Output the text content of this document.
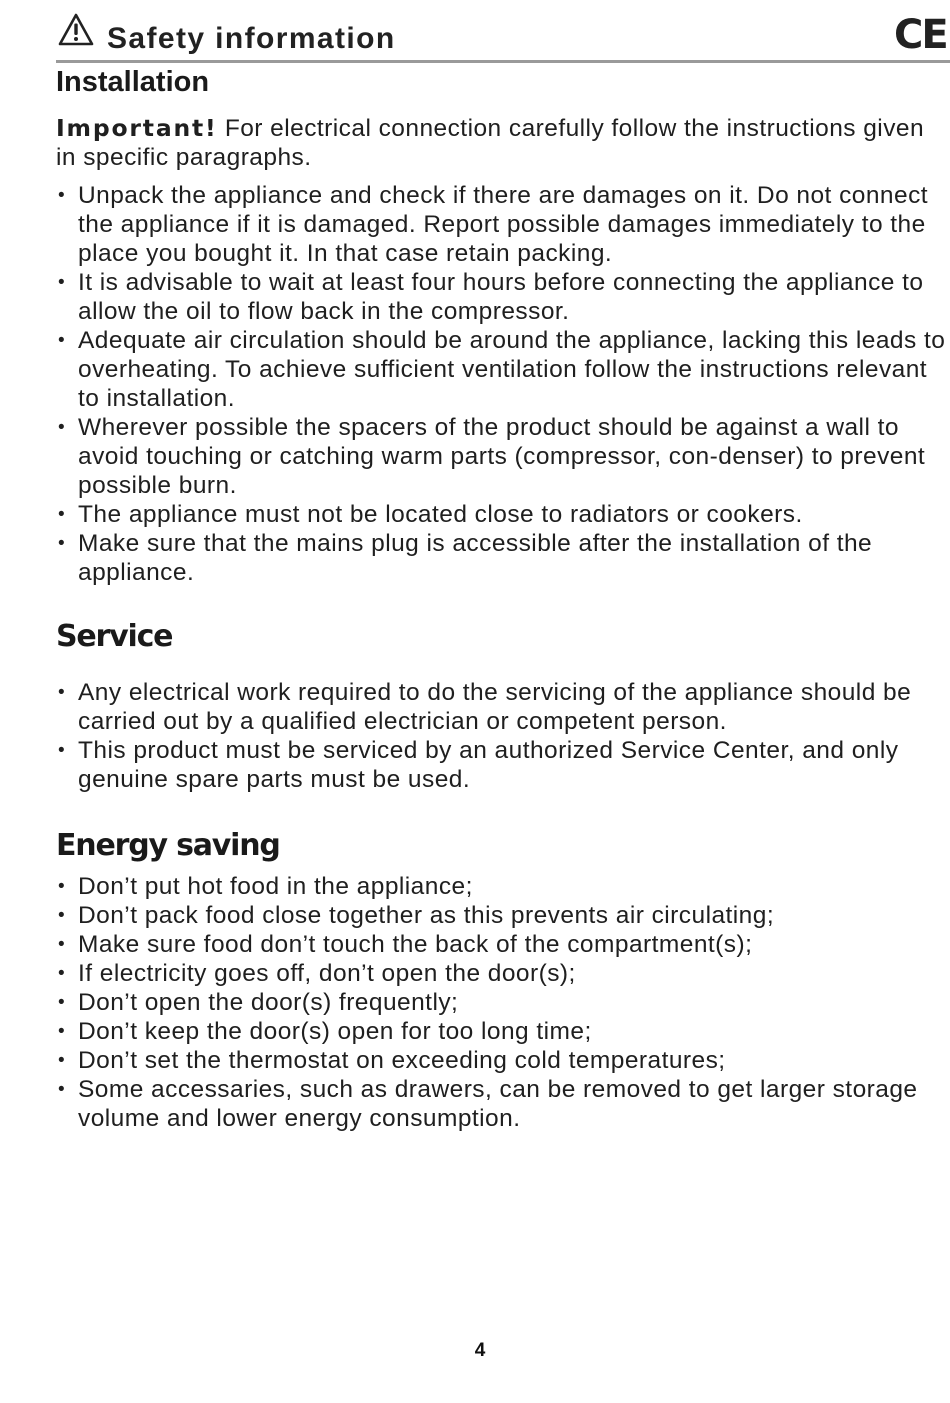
Safety information	CE
Installation
Important! For electrical connection carefully follow the instructions given in specific paragraphs.
• Unpack the appliance and check if there are damages on it. Do not connect the appliance if it is damaged. Report possible damages immediately to the place you bought it. In that case retain packing.
• It is advisable to wait at least four hours before connecting the appliance to allow the oil to flow back in the compressor.
• Adequate air circulation should be around the appliance, lacking this leads to overheating. To achieve sufficient ventilation follow the instructions relevant to installation.
• Wherever possible the spacers of the product should be against a wall to avoid touching or catching warm parts (compressor, con-denser) to prevent possible burn.
• The appliance must not be located close to radiators or cookers.
• Make sure that the mains plug is accessible after the installation of the appliance.
Service
• Any electrical work required to do the servicing of the appliance should be carried out by a qualified electrician or competent person.
• This product must be serviced by an authorized Service Center, and only genuine spare parts must be used.
Energy saving
• Don’t put hot food in the appliance;
• Don’t pack food close together as this prevents air circulating;
• Make sure food don’t touch the back of the compartment(s);
• If electricity goes off, don’t open the door(s);
• Don’t open the door(s) frequently;
• Don’t keep the door(s) open for too long time;
• Don’t set the thermostat on exceeding cold temperatures;
• Some accessaries, such as drawers, can be removed to get larger storage volume and lower energy consumption.
4
